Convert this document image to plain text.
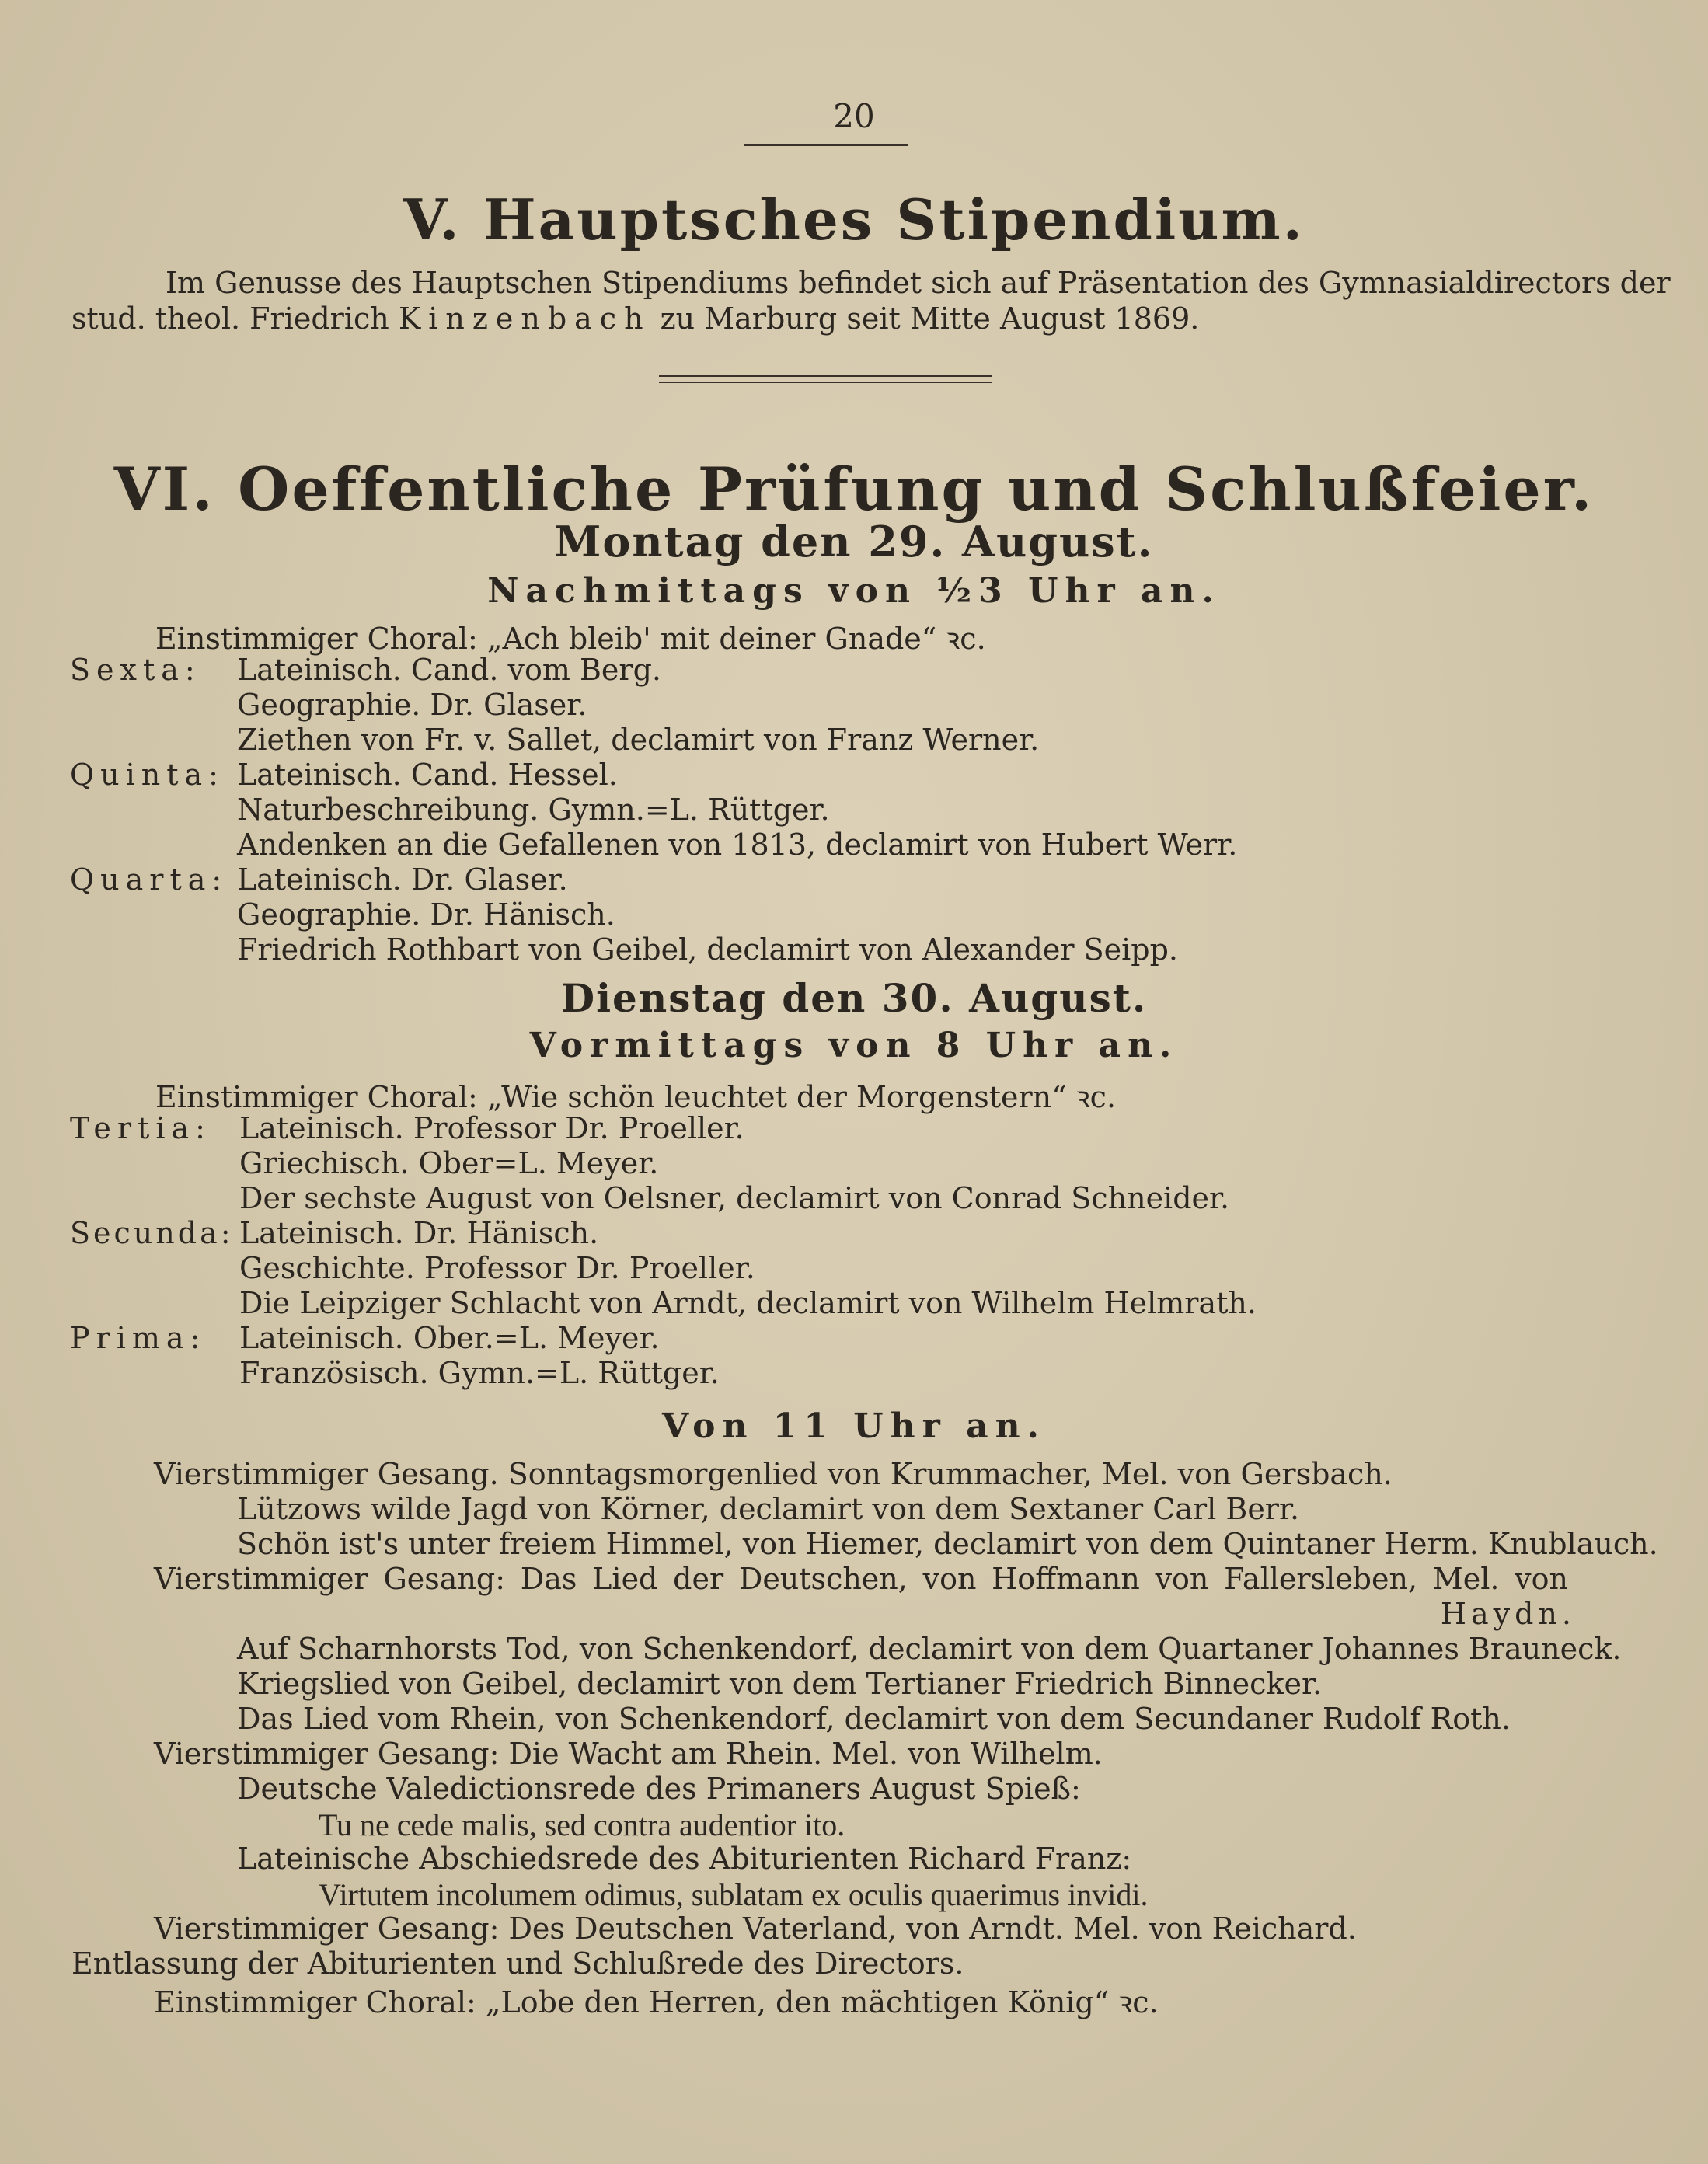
20
V. Hauptsches Stipendium.
Im Genusse des Hauptschen Stipendiums befindet sich auf Präsentation des Gymnasialdirectors der
stud. theol. Friedrich Kinzenbach zu Marburg seit Mitte August 1869.
VI. Oeffentliche Prüfung und Schlußfeier.
Montag den 29. August.
Nachmittags von ½3 Uhr an.
Einstimmiger Choral: „Ach bleib' mit deiner Gnade“ ꝛc.
Sexta: Lateinisch. Cand. vom Berg.
Geographie. Dr. Glaser.
Ziethen von Fr. v. Sallet, declamirt von Franz Werner.
Quinta: Lateinisch. Cand. Hessel.
Naturbeschreibung. Gymn.=L. Rüttger.
Andenken an die Gefallenen von 1813, declamirt von Hubert Werr.
Quarta: Lateinisch. Dr. Glaser.
Geographie. Dr. Hänisch.
Friedrich Rothbart von Geibel, declamirt von Alexander Seipp.
Dienstag den 30. August.
Vormittags von 8 Uhr an.
Einstimmiger Choral: „Wie schön leuchtet der Morgenstern“ ꝛc.
Tertia: Lateinisch. Professor Dr. Proeller.
Griechisch. Ober=L. Meyer.
Der sechste August von Oelsner, declamirt von Conrad Schneider.
Secunda: Lateinisch. Dr. Hänisch.
Geschichte. Professor Dr. Proeller.
Die Leipziger Schlacht von Arndt, declamirt von Wilhelm Helmrath.
Prima: Lateinisch. Ober.=L. Meyer.
Französisch. Gymn.=L. Rüttger.
Von 11 Uhr an.
Vierstimmiger Gesang. Sonntagsmorgenlied von Krummacher, Mel. von Gersbach.
Lützows wilde Jagd von Körner, declamirt von dem Sextaner Carl Berr.
Schön ist's unter freiem Himmel, von Hiemer, declamirt von dem Quintaner Herm. Knublauch.
Vierstimmiger Gesang: Das Lied der Deutschen, von Hoffmann von Fallersleben, Mel. von
Haydn.
Auf Scharnhorsts Tod, von Schenkendorf, declamirt von dem Quartaner Johannes Brauneck.
Kriegslied von Geibel, declamirt von dem Tertianer Friedrich Binnecker.
Das Lied vom Rhein, von Schenkendorf, declamirt von dem Secundaner Rudolf Roth.
Vierstimmiger Gesang: Die Wacht am Rhein. Mel. von Wilhelm.
Deutsche Valedictionsrede des Primaners August Spieß:
Tu ne cede malis, sed contra audentior ito.
Lateinische Abschiedsrede des Abiturienten Richard Franz:
Virtutem incolumem odimus, sublatam ex oculis quaerimus invidi.
Vierstimmiger Gesang: Des Deutschen Vaterland, von Arndt. Mel. von Reichard.
Entlassung der Abiturienten und Schlußrede des Directors.
Einstimmiger Choral: „Lobe den Herren, den mächtigen König“ ꝛc.
